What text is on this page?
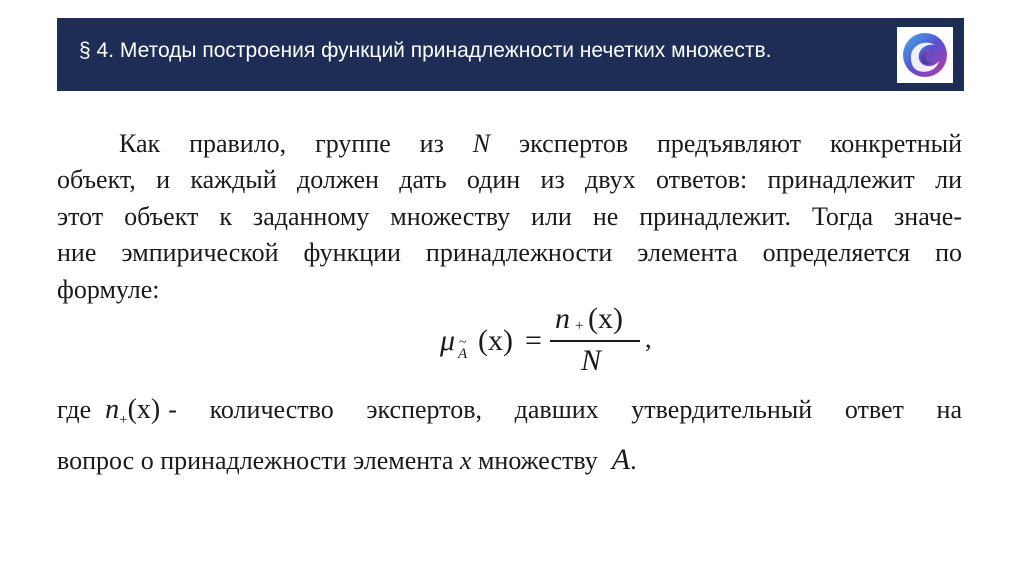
§ 4. Методы построения функций принадлежности нечетких множеств.
Как правило, группе из N экспертов предъявляют конкретный
объект, и каждый должен дать один из двух ответов: принадлежит ли
этот объект к заданному множеству или не принадлежит. Тогда значе-
ние эмпирической функции принадлежности элемента определяется по
формуле:
μ ~
A (x) =
n + (x)
N
,
где $n_+(x)$ - количество экспертов, давших утвердительный ответ на
вопрос о принадлежности элемента x множеству A.
